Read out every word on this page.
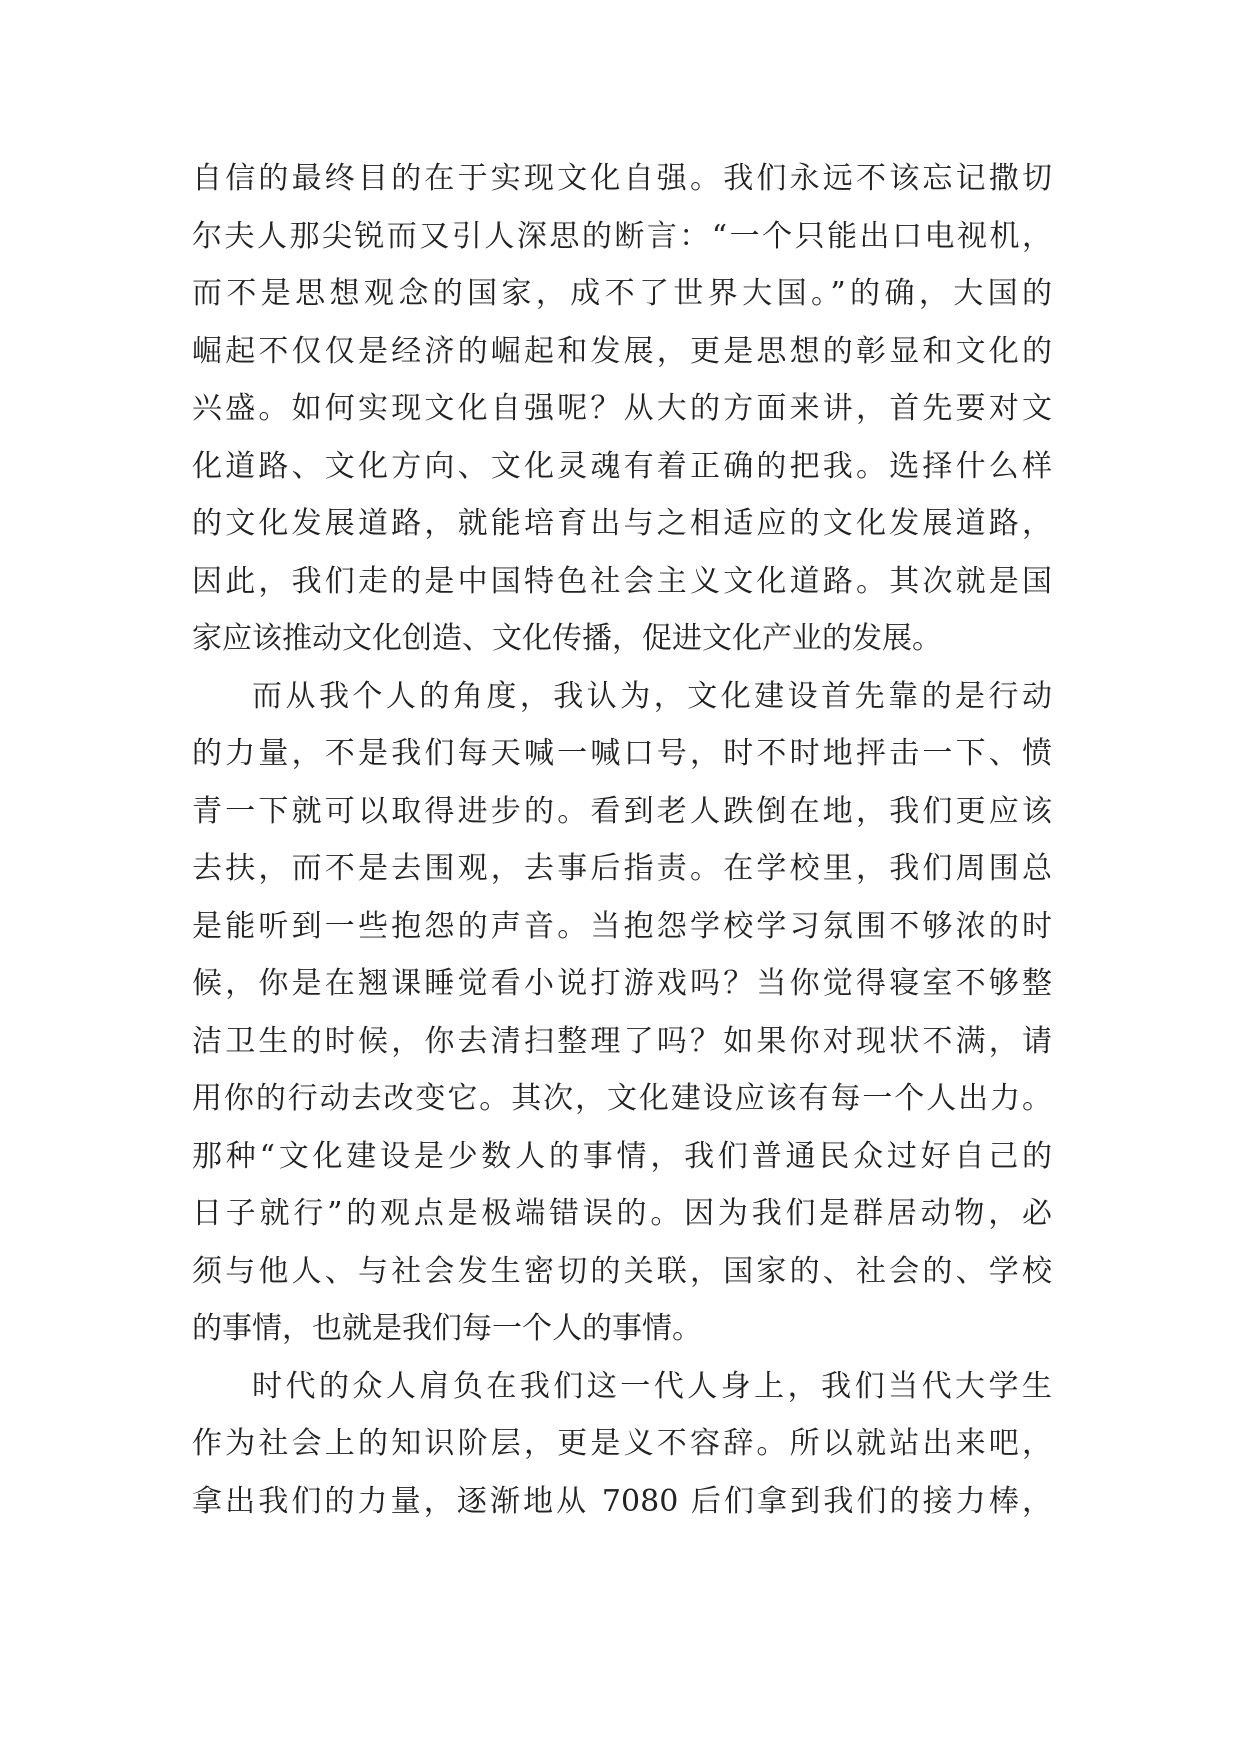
自信的最终目的在于实现文化自强。我们永远不该忘记撒切
尔夫人那尖锐而又引人深思的断言：“一个只能出口电视机，
而不是思想观念的国家，成不了世界大国。”的确，大国的
崛起不仅仅是经济的崛起和发展，更是思想的彰显和文化的
兴盛。如何实现文化自强呢？从大的方面来讲，首先要对文
化道路、文化方向、文化灵魂有着正确的把我。选择什么样
的文化发展道路，就能培育出与之相适应的文化发展道路，
因此，我们走的是中国特色社会主义文化道路。其次就是国
家应该推动文化创造、文化传播，促进文化产业的发展。
而从我个人的角度，我认为，文化建设首先靠的是行动
的力量，不是我们每天喊一喊口号，时不时地抨击一下、愤
青一下就可以取得进步的。看到老人跌倒在地，我们更应该
去扶，而不是去围观，去事后指责。在学校里，我们周围总
是能听到一些抱怨的声音。当抱怨学校学习氛围不够浓的时
候，你是在翘课睡觉看小说打游戏吗？当你觉得寝室不够整
洁卫生的时候，你去清扫整理了吗？如果你对现状不满，请
用你的行动去改变它。其次，文化建设应该有每一个人出力。
那种“文化建设是少数人的事情，我们普通民众过好自己的
日子就行”的观点是极端错误的。因为我们是群居动物，必
须与他人、与社会发生密切的关联，国家的、社会的、学校
的事情，也就是我们每一个人的事情。
时代的众人肩负在我们这一代人身上，我们当代大学生
作为社会上的知识阶层，更是义不容辞。所以就站出来吧，
拿出我们的力量，逐渐地从 7080 后们拿到我们的接力棒，
